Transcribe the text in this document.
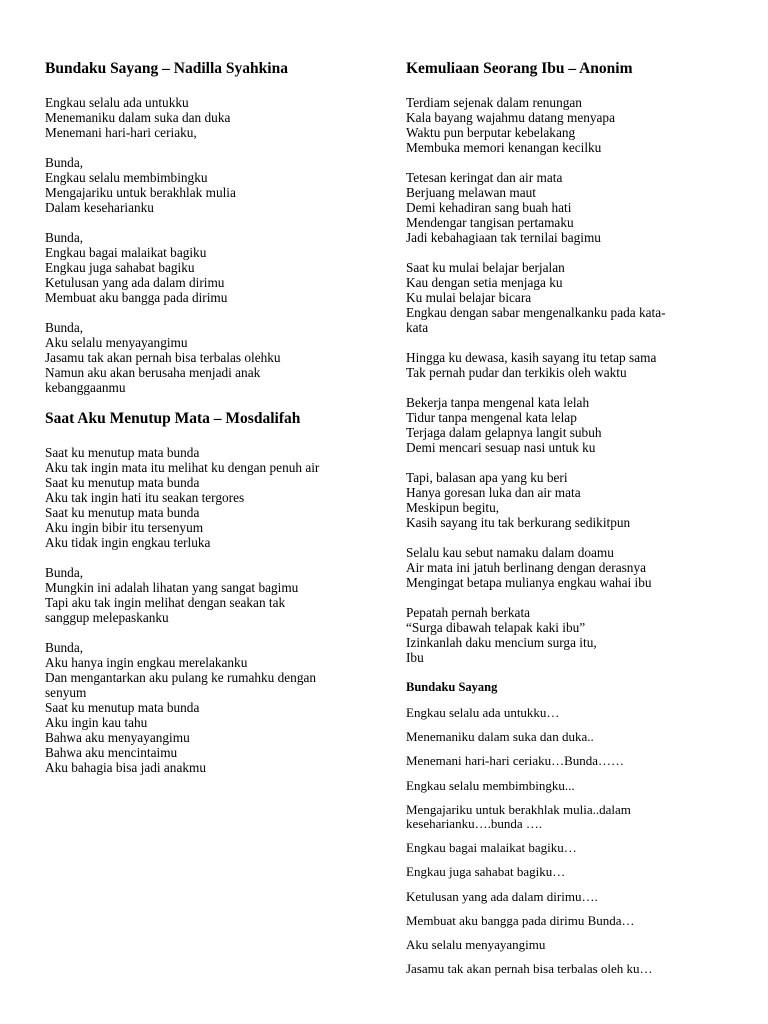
Bundaku Sayang – Nadilla Syahkina
Engkau selalu ada untukku
Menemaniku dalam suka dan duka
Menemani hari-hari ceriaku,
Bunda,
Engkau selalu membimbingku
Mengajariku untuk berakhlak mulia
Dalam keseharianku
Bunda,
Engkau bagai malaikat bagiku
Engkau juga sahabat bagiku
Ketulusan yang ada dalam dirimu
Membuat aku bangga pada dirimu
Bunda,
Aku selalu menyayangimu
Jasamu tak akan pernah bisa terbalas olehku
Namun aku akan berusaha menjadi anak
kebanggaanmu
Saat Aku Menutup Mata – Mosdalifah
Saat ku menutup mata bunda
Aku tak ingin mata itu melihat ku dengan penuh air
Saat ku menutup mata bunda
Aku tak ingin hati itu seakan tergores
Saat ku menutup mata bunda
Aku ingin bibir itu tersenyum
Aku tidak ingin engkau terluka
Bunda,
Mungkin ini adalah lihatan yang sangat bagimu
Tapi aku tak ingin melihat dengan seakan tak
sanggup melepaskanku
Bunda,
Aku hanya ingin engkau merelakanku
Dan mengantarkan aku pulang ke rumahku dengan
senyum
Saat ku menutup mata bunda
Aku ingin kau tahu
Bahwa aku menyayangimu
Bahwa aku mencintaimu
Aku bahagia bisa jadi anakmu
Kemuliaan Seorang Ibu – Anonim
Terdiam sejenak dalam renungan
Kala bayang wajahmu datang menyapa
Waktu pun berputar kebelakang
Membuka memori kenangan kecilku
Tetesan keringat dan air mata
Berjuang melawan maut
Demi kehadiran sang buah hati
Mendengar tangisan pertamaku
Jadi kebahagiaan tak ternilai bagimu
Saat ku mulai belajar berjalan
Kau dengan setia menjaga ku
Ku mulai belajar bicara
Engkau dengan sabar mengenalkanku pada kata-
kata
Hingga ku dewasa, kasih sayang itu tetap sama
Tak pernah pudar dan terkikis oleh waktu
Bekerja tanpa mengenal kata lelah
Tidur tanpa mengenal kata lelap
Terjaga dalam gelapnya langit subuh
Demi mencari sesuap nasi untuk ku
Tapi, balasan apa yang ku beri
Hanya goresan luka dan air mata
Meskipun begitu,
Kasih sayang itu tak berkurang sedikitpun
Selalu kau sebut namaku dalam doamu
Air mata ini jatuh berlinang dengan derasnya
Mengingat betapa mulianya engkau wahai ibu
Pepatah pernah berkata
“Surga dibawah telapak kaki ibu”
Izinkanlah daku mencium surga itu,
Ibu
Bundaku Sayang
Engkau selalu ada untukku…
Menemaniku dalam suka dan duka..
Menemani hari-hari ceriaku…Bunda……
Engkau selalu membimbingku...
Mengajariku untuk berakhlak mulia..dalam
keseharianku….bunda ….
Engkau bagai malaikat bagiku…
Engkau juga sahabat bagiku…
Ketulusan yang ada dalam dirimu….
Membuat aku bangga pada dirimu Bunda…
Aku selalu menyayangimu
Jasamu tak akan pernah bisa terbalas oleh ku…
